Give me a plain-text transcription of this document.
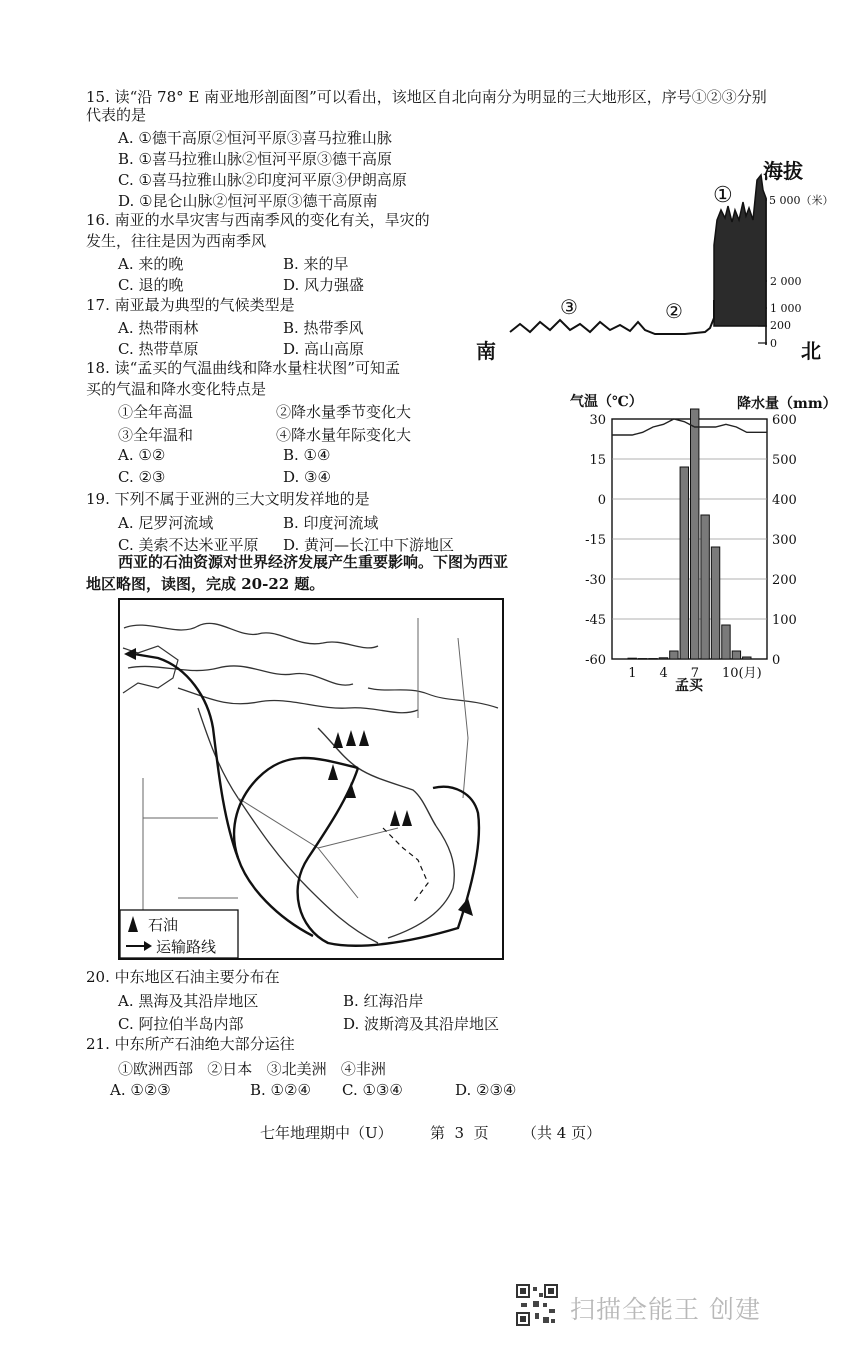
15. 读“沿 78° E 南亚地形剖面图”可以看出，该地区自北向南分为明显的三大地形区，序号①②③分别
代表的是
A. ①德干高原②恒河平原③喜马拉雅山脉
B. ①喜马拉雅山脉②恒河平原③德干高原
C. ①喜马拉雅山脉②印度河平原③伊朗高原
D. ①昆仑山脉②恒河平原③德干高原南
16. 南亚的水旱灾害与西南季风的变化有关，旱灾的
发生，往往是因为西南季风
A. 来的晚	B. 来的早
C. 退的晚	D. 风力强盛
17. 南亚最为典型的气候类型是
A. 热带雨林	B. 热带季风
C. 热带草原	D. 高山高原
18. 读“孟买的气温曲线和降水量柱状图”可知孟
买的气温和降水变化特点是
①全年高温	②降水量季节变化大
③全年温和	④降水量年际变化大
A. ①②	B. ①④
C. ②③	D. ③④
19. 下列不属于亚洲的三大文明发祥地的是
A. 尼罗河流域	B. 印度河流域
C. 美索不达米亚平原 D. 黄河—长江中下游地区
西亚的石油资源对世界经济发展产生重要影响。下图为西亚
地区略图，读图，完成 20-22 题。
海拔
5 000（米）
2 000
1 000
200
0
①
②
③
北
南
气温（℃）	降水量（mm）
30
15
0
-15
-30
-45
-60
600
500
400
300
200
100
0
1 4 7 10(月)
孟买
石油
运输路线
20. 中东地区石油主要分布在
A. 黑海及其沿岸地区	B. 红海沿岸
C. 阿拉伯半岛内部	D. 波斯湾及其沿岸地区
21. 中东所产石油绝大部分运往
①欧洲西部   ②日本   ③北美洲   ④非洲
A. ①②③	B. ①②④ C. ①③④	D. ②③④
七年地理期中（U） 第  3  页 （共 4 页）
扫描全能王 创建
